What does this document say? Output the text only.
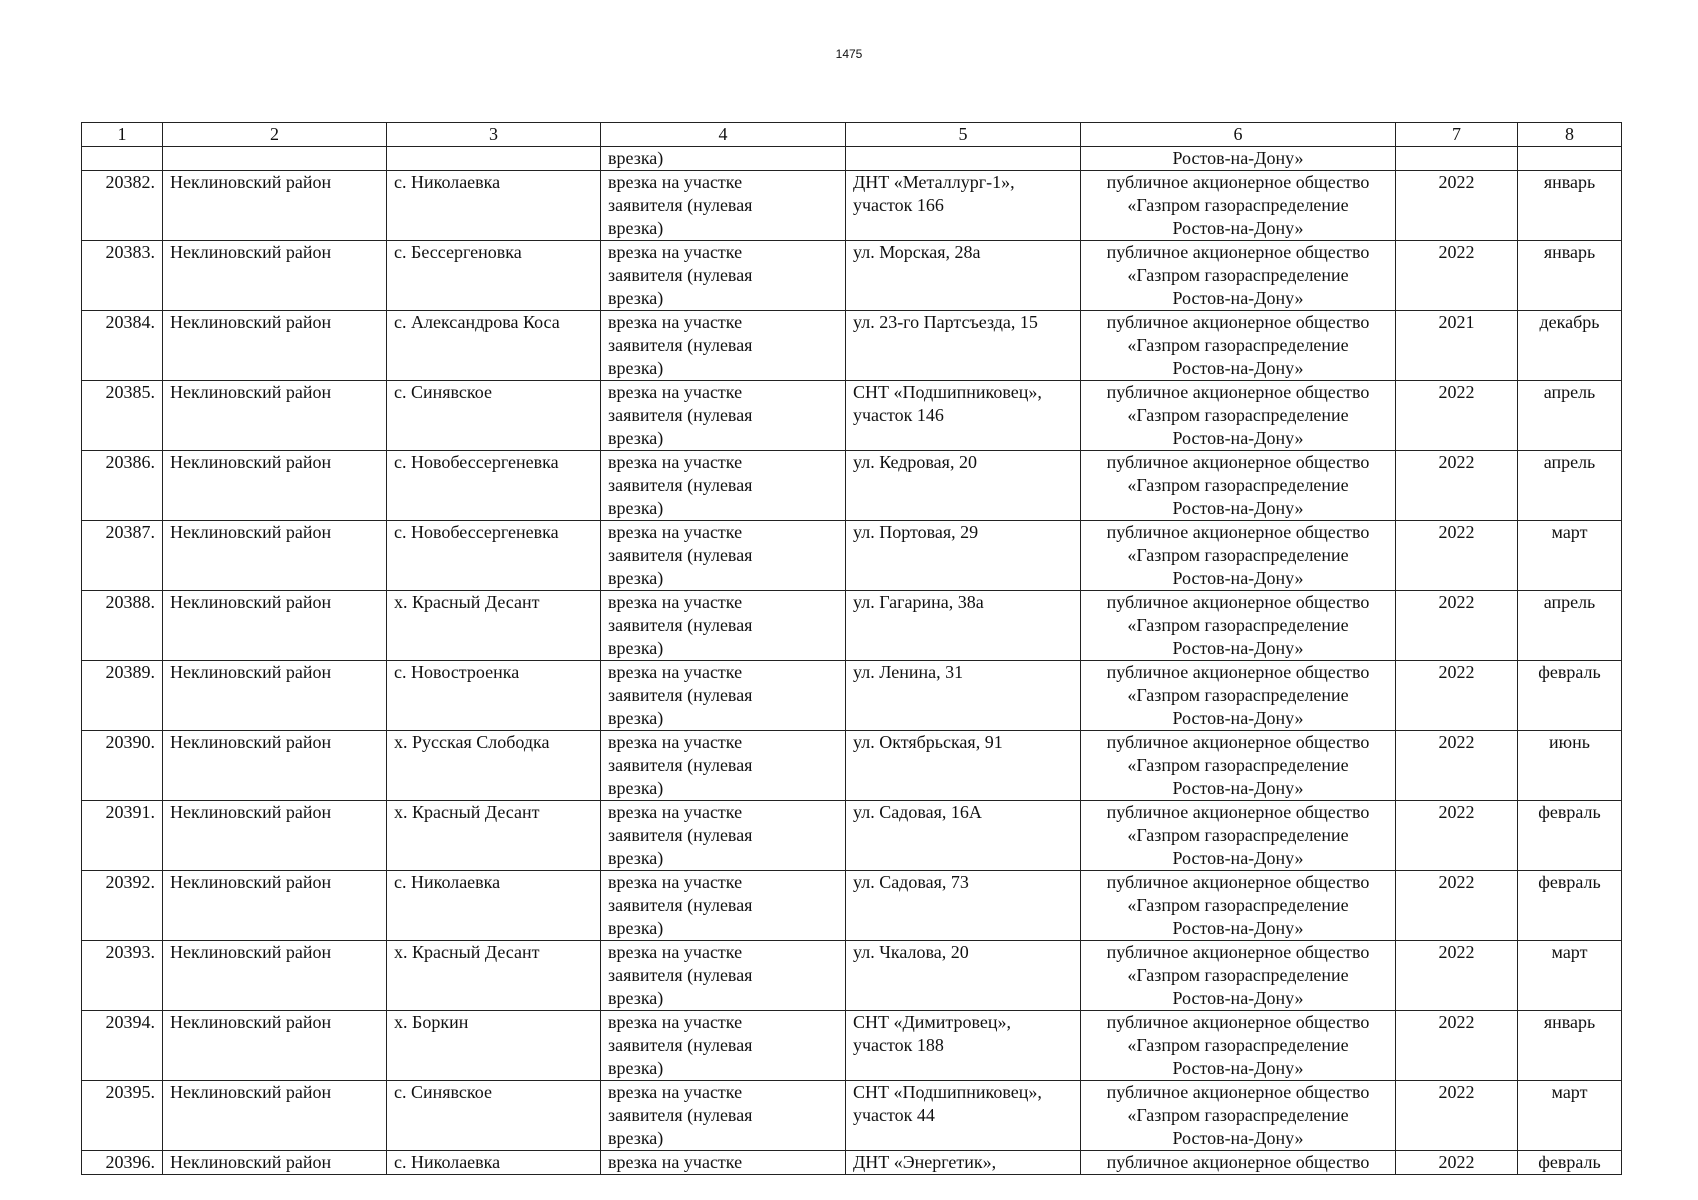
1475
1	2	3	4	5	6	7	8
			врезка)		Ростов-на-Дону»		
20382.	Неклиновский район	с. Николаевка	врезка на участке
заявителя (нулевая
врезка)	ДНТ «Металлург-1»,
участок 166	публичное акционерное общество
«Газпром газораспределение
Ростов-на-Дону»	2022	январь
20383.	Неклиновский район	с. Бессергеновка	врезка на участке
заявителя (нулевая
врезка)	ул. Морская, 28а	публичное акционерное общество
«Газпром газораспределение
Ростов-на-Дону»	2022	январь
20384.	Неклиновский район	с. Александрова Коса	врезка на участке
заявителя (нулевая
врезка)	ул. 23-го Партсъезда, 15	публичное акционерное общество
«Газпром газораспределение
Ростов-на-Дону»	2021	декабрь
20385.	Неклиновский район	с. Синявское	врезка на участке
заявителя (нулевая
врезка)	СНТ «Подшипниковец»,
участок 146	публичное акционерное общество
«Газпром газораспределение
Ростов-на-Дону»	2022	апрель
20386.	Неклиновский район	с. Новобессергеневка	врезка на участке
заявителя (нулевая
врезка)	ул. Кедровая, 20	публичное акционерное общество
«Газпром газораспределение
Ростов-на-Дону»	2022	апрель
20387.	Неклиновский район	с. Новобессергеневка	врезка на участке
заявителя (нулевая
врезка)	ул. Портовая, 29	публичное акционерное общество
«Газпром газораспределение
Ростов-на-Дону»	2022	март
20388.	Неклиновский район	х. Красный Десант	врезка на участке
заявителя (нулевая
врезка)	ул. Гагарина, 38а	публичное акционерное общество
«Газпром газораспределение
Ростов-на-Дону»	2022	апрель
20389.	Неклиновский район	с. Новостроенка	врезка на участке
заявителя (нулевая
врезка)	ул. Ленина, 31	публичное акционерное общество
«Газпром газораспределение
Ростов-на-Дону»	2022	февраль
20390.	Неклиновский район	х. Русская Слободка	врезка на участке
заявителя (нулевая
врезка)	ул. Октябрьская, 91	публичное акционерное общество
«Газпром газораспределение
Ростов-на-Дону»	2022	июнь
20391.	Неклиновский район	х. Красный Десант	врезка на участке
заявителя (нулевая
врезка)	ул. Садовая, 16А	публичное акционерное общество
«Газпром газораспределение
Ростов-на-Дону»	2022	февраль
20392.	Неклиновский район	с. Николаевка	врезка на участке
заявителя (нулевая
врезка)	ул. Садовая, 73	публичное акционерное общество
«Газпром газораспределение
Ростов-на-Дону»	2022	февраль
20393.	Неклиновский район	х. Красный Десант	врезка на участке
заявителя (нулевая
врезка)	ул. Чкалова, 20	публичное акционерное общество
«Газпром газораспределение
Ростов-на-Дону»	2022	март
20394.	Неклиновский район	х. Боркин	врезка на участке
заявителя (нулевая
врезка)	СНТ «Димитровец»,
участок 188	публичное акционерное общество
«Газпром газораспределение
Ростов-на-Дону»	2022	январь
20395.	Неклиновский район	с. Синявское	врезка на участке
заявителя (нулевая
врезка)	СНТ «Подшипниковец»,
участок 44	публичное акционерное общество
«Газпром газораспределение
Ростов-на-Дону»	2022	март
20396.	Неклиновский район	с. Николаевка	врезка на участке	ДНТ «Энергетик»,	публичное акционерное общество	2022	февраль
